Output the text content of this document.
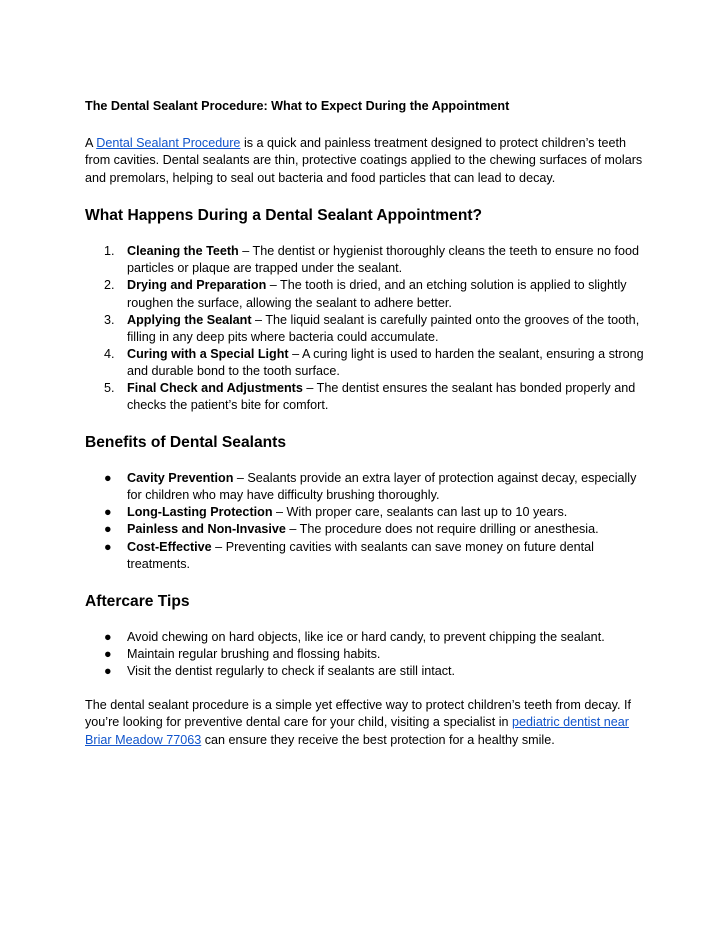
The Dental Sealant Procedure: What to Expect During the Appointment

A Dental Sealant Procedure is a quick and painless treatment designed to protect children’s teeth from cavities. Dental sealants are thin, protective coatings applied to the chewing surfaces of molars and premolars, helping to seal out bacteria and food particles that can lead to decay.

What Happens During a Dental Sealant Appointment?
1. Cleaning the Teeth – The dentist or hygienist thoroughly cleans the teeth to ensure no food particles or plaque are trapped under the sealant.
2. Drying and Preparation – The tooth is dried, and an etching solution is applied to slightly roughen the surface, allowing the sealant to adhere better.
3. Applying the Sealant – The liquid sealant is carefully painted onto the grooves of the tooth, filling in any deep pits where bacteria could accumulate.
4. Curing with a Special Light – A curing light is used to harden the sealant, ensuring a strong and durable bond to the tooth surface.
5. Final Check and Adjustments – The dentist ensures the sealant has bonded properly and checks the patient’s bite for comfort.
Benefits of Dental Sealants
● Cavity Prevention – Sealants provide an extra layer of protection against decay, especially for children who may have difficulty brushing thoroughly.
● Long-Lasting Protection – With proper care, sealants can last up to 10 years.
● Painless and Non-Invasive – The procedure does not require drilling or anesthesia.
● Cost-Effective – Preventing cavities with sealants can save money on future dental treatments.
Aftercare Tips
● Avoid chewing on hard objects, like ice or hard candy, to prevent chipping the sealant.
● Maintain regular brushing and flossing habits.
● Visit the dentist regularly to check if sealants are still intact.

The dental sealant procedure is a simple yet effective way to protect children’s teeth from decay. If you’re looking for preventive dental care for your child, visiting a specialist in pediatric dentist near Briar Meadow 77063 can ensure they receive the best protection for a healthy smile.
